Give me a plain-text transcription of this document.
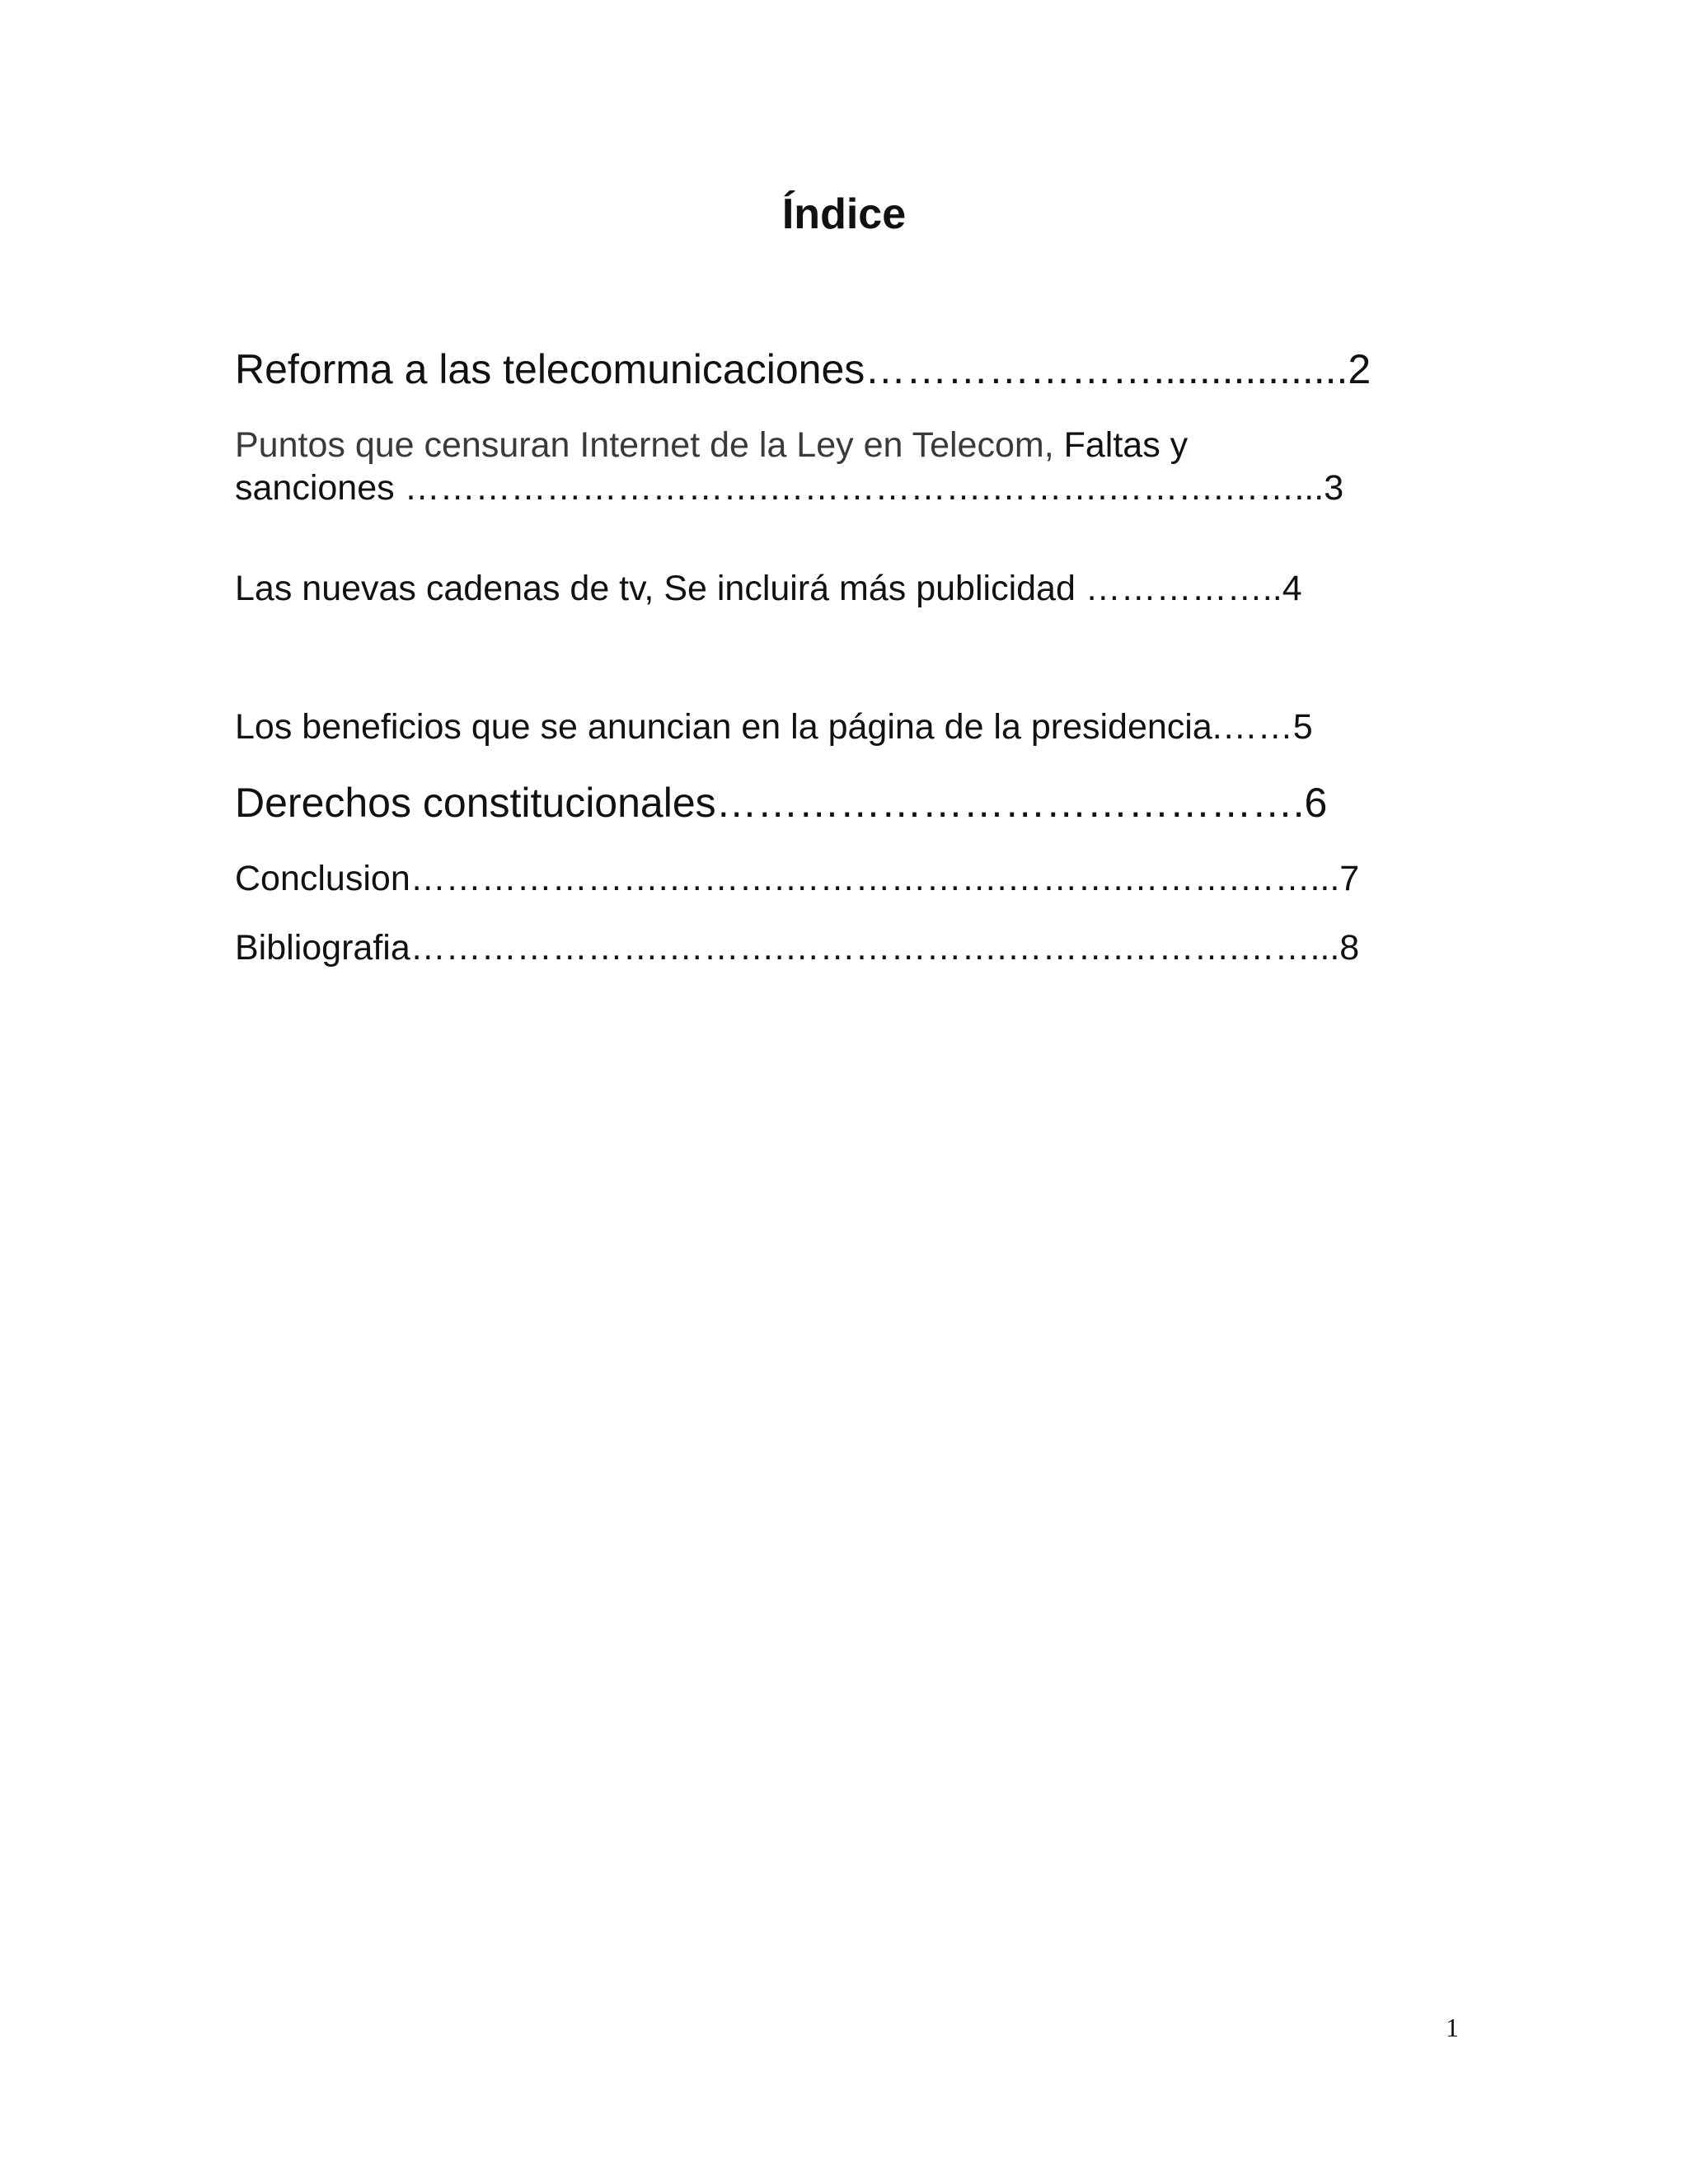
Índice

Reforma a las telecomunicaciones………………….................2

Puntos que censuran Internet de la Ley en Telecom, Faltas y

sanciones ………………………….……………….……….……….……...3

Las nuevas cadenas de tv, Se incluirá más publicidad ……………..4

Los beneficios que se anuncian en la página de la presidencia.……5

Derechos constitucionales…………………………………….6

Conclusion………………….……….……………….……….……….……...7

Bibliografia………………….……….……………….……….……….……...8

1
